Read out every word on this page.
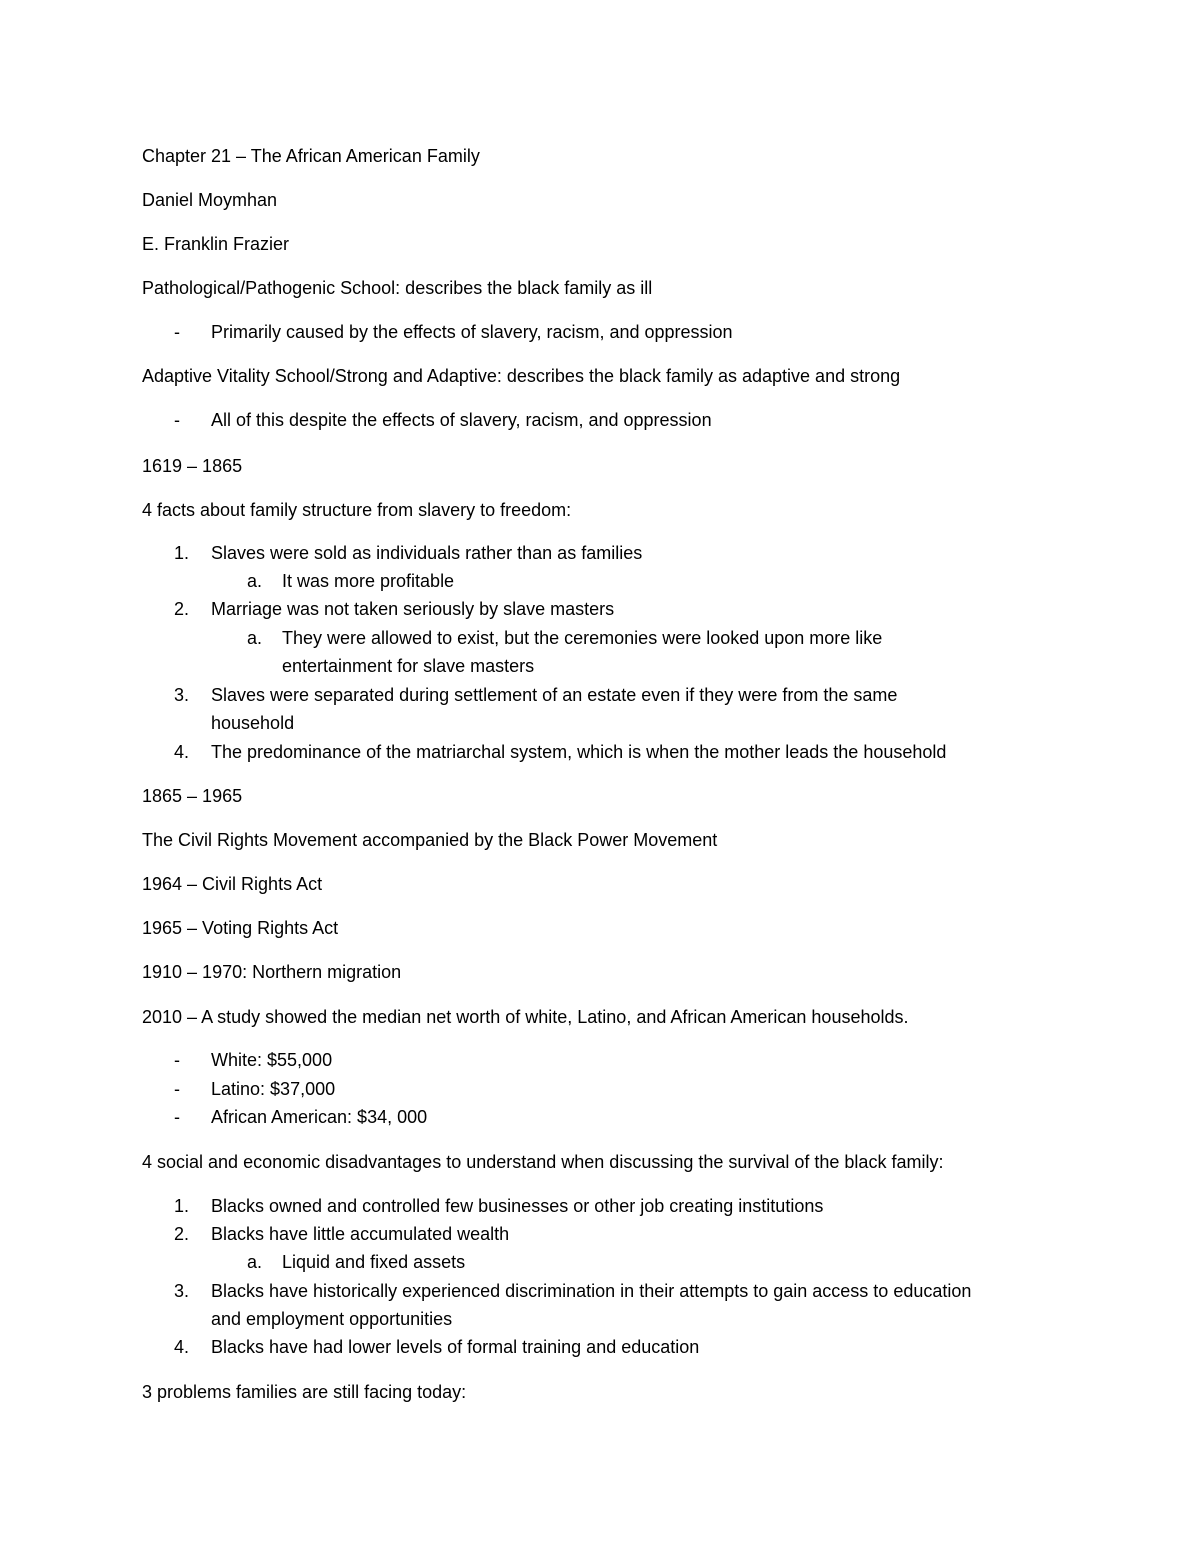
Chapter 21 – The African American Family
Daniel Moymhan
E. Franklin Frazier
Pathological/Pathogenic School: describes the black family as ill
- Primarily caused by the effects of slavery, racism, and oppression
Adaptive Vitality School/Strong and Adaptive: describes the black family as adaptive and strong
- All of this despite the effects of slavery, racism, and oppression
1619 – 1865
4 facts about family structure from slavery to freedom:
1. Slaves were sold as individuals rather than as families
a. It was more profitable
2. Marriage was not taken seriously by slave masters
a. They were allowed to exist, but the ceremonies were looked upon more like
entertainment for slave masters
3. Slaves were separated during settlement of an estate even if they were from the same
household
4. The predominance of the matriarchal system, which is when the mother leads the household
1865 – 1965
The Civil Rights Movement accompanied by the Black Power Movement
1964 – Civil Rights Act
1965 – Voting Rights Act
1910 – 1970: Northern migration
2010 – A study showed the median net worth of white, Latino, and African American households.
- White: $55,000
- Latino: $37,000
- African American: $34, 000
4 social and economic disadvantages to understand when discussing the survival of the black family:
1. Blacks owned and controlled few businesses or other job creating institutions
2. Blacks have little accumulated wealth
a. Liquid and fixed assets
3. Blacks have historically experienced discrimination in their attempts to gain access to education
and employment opportunities
4. Blacks have had lower levels of formal training and education
3 problems families are still facing today:
